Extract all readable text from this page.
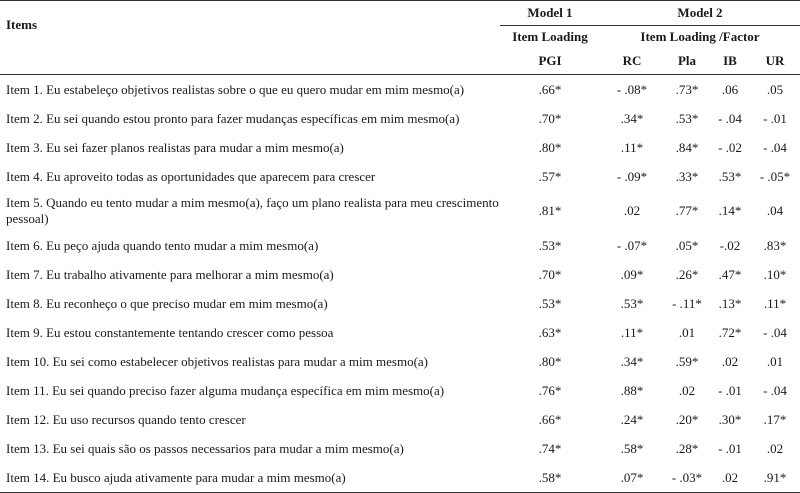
Items	Model 1	Model 2			
	Item Loading	Item Loading /Factor			
	PGI	RC	Pla	IB	UR
Item 1. Eu estabeleço objetivos realistas sobre o que eu quero mudar em mim mesmo(a)	.66*	- .08*	.73*	.06	.05
Item 2. Eu sei quando estou pronto para fazer mudanças específicas em mim mesmo(a)	.70*	.34*	.53*	- .04	- .01
Item 3. Eu sei fazer planos realistas para mudar a mim mesmo(a)	.80*	.11*	.84*	- .02	- .04
Item 4. Eu aproveito todas as oportunidades que aparecem para crescer	.57*	- .09*	.33*	.53*	- .05*
Item 5. Quando eu tento mudar a mim mesmo(a), faço um plano realista para meu crescimento pessoal)	.81*	.02	.77*	.14*	.04
Item 6. Eu peço ajuda quando tento mudar a mim mesmo(a)	.53*	- .07*	.05*	-.02	.83*
Item 7. Eu trabalho ativamente para melhorar a mim mesmo(a)	.70*	.09*	.26*	.47*	.10*
Item 8. Eu reconheço o que preciso mudar em mim mesmo(a)	.53*	.53*	- .11*	.13*	.11*
Item 9. Eu estou constantemente tentando crescer como pessoa	.63*	.11*	.01	.72*	- .04
Item 10. Eu sei como estabelecer objetivos realistas para mudar a mim mesmo(a)	.80*	.34*	.59*	.02	.01
Item 11. Eu sei quando preciso fazer alguma mudança específica em mim mesmo(a)	.76*	.88*	.02	- .01	- .04
Item 12. Eu uso recursos quando tento crescer	.66*	.24*	.20*	.30*	.17*
Item 13. Eu sei quais são os passos necessarios para mudar a mim mesmo(a)	.74*	.58*	.28*	- .01	.02
Item 14. Eu busco ajuda ativamente para mudar a mim mesmo(a)	.58*	.07*	- .03*	.02	.91*
